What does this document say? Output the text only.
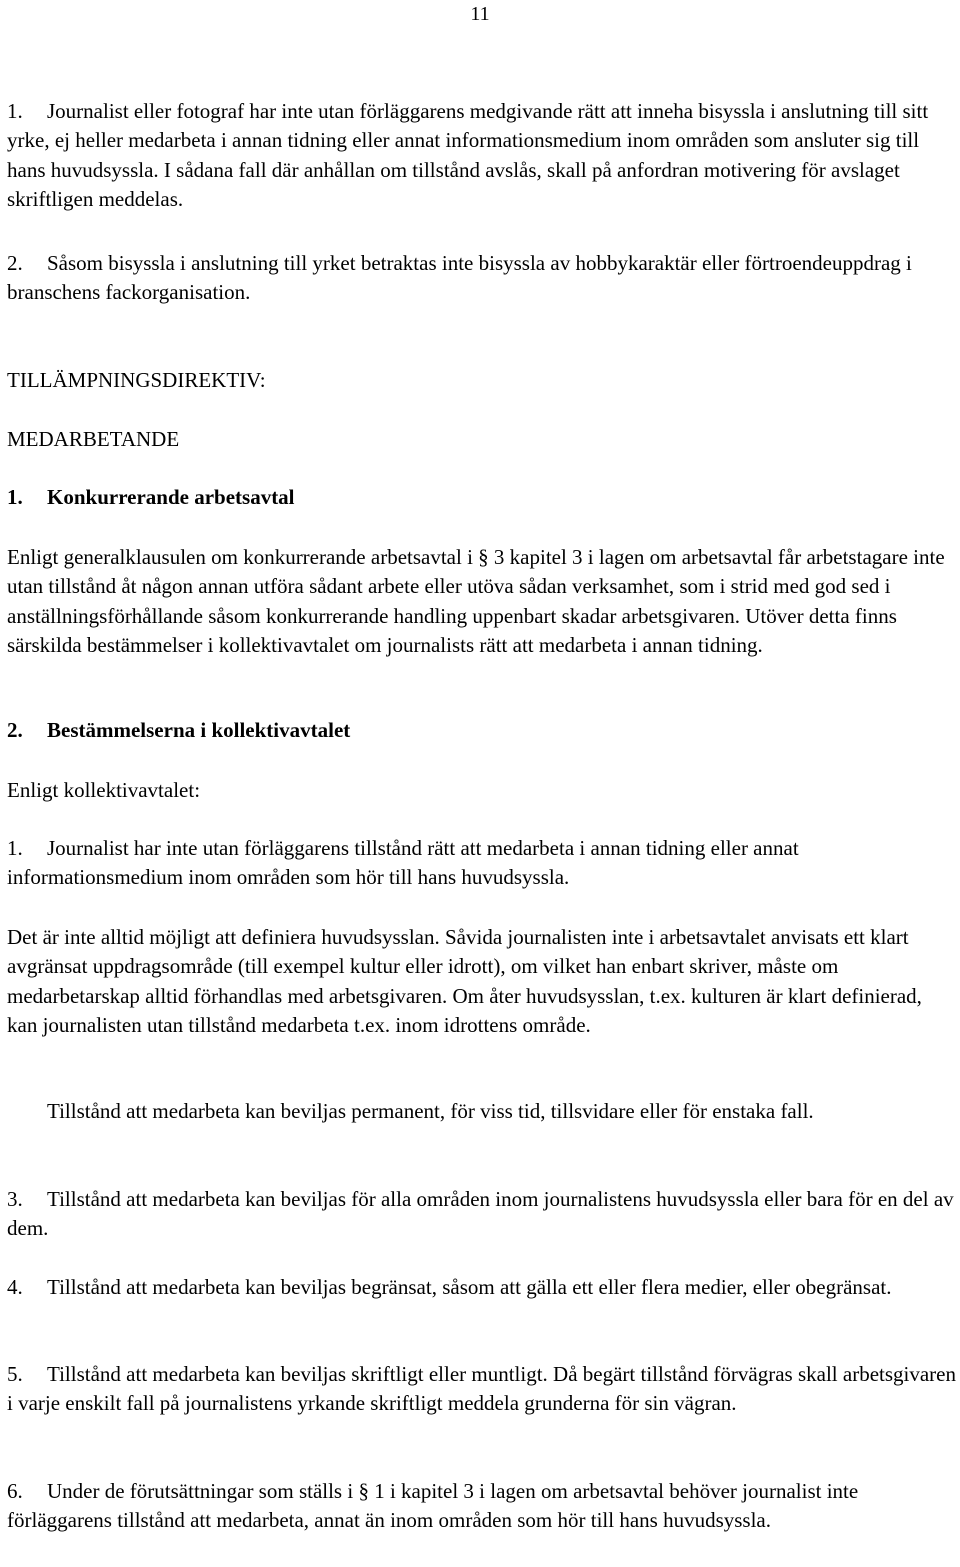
11

1. Journalist eller fotograf har inte utan förläggarens medgivande rätt att inneha bisyssla i anslutning till sitt yrke, ej heller medarbeta i annan tidning eller annat informationsmedium inom områden som ansluter sig till hans huvudsyssla. I sådana fall där anhållan om tillstånd avslås, skall på anfordran motivering för avslaget skriftligen meddelas.

2. Såsom bisyssla i anslutning till yrket betraktas inte bisyssla av hobbykaraktär eller förtroendeuppdrag i branschens fackorganisation.

TILLÄMPNINGSDIREKTIV:

MEDARBETANDE

1. Konkurrerande arbetsavtal

Enligt generalklausulen om konkurrerande arbetsavtal i § 3 kapitel 3 i lagen om arbetsavtal får arbetstagare inte utan tillstånd åt någon annan utföra sådant arbete eller utöva sådan verksamhet, som i strid med god sed i anställningsförhållande såsom konkurrerande handling uppenbart skadar arbetsgivaren. Utöver detta finns särskilda bestämmelser i kollektivavtalet om journalists rätt att medarbeta i annan tidning.

2. Bestämmelserna i kollektivavtalet

Enligt kollektivavtalet:

1. Journalist har inte utan förläggarens tillstånd rätt att medarbeta i annan tidning eller annat informationsmedium inom områden som hör till hans huvudsyssla.

Det är inte alltid möjligt att definiera huvudsysslan. Såvida journalisten inte i arbetsavtalet anvisats ett klart avgränsat uppdragsområde (till exempel kultur eller idrott), om vilket han enbart skriver, måste om medarbetarskap alltid förhandlas med arbetsgivaren. Om åter huvudsysslan, t.ex. kulturen är klart definierad, kan journalisten utan tillstånd medarbeta t.ex. inom idrottens område.

Tillstånd att medarbeta kan beviljas permanent, för viss tid, tillsvidare eller för enstaka fall.

3. Tillstånd att medarbeta kan beviljas för alla områden inom journalistens huvudsyssla eller bara för en del av dem.

4. Tillstånd att medarbeta kan beviljas begränsat, såsom att gälla ett eller flera medier, eller obegränsat.

5. Tillstånd att medarbeta kan beviljas skriftligt eller muntligt. Då begärt tillstånd förvägras skall arbetsgivaren i varje enskilt fall på journalistens yrkande skriftligt meddela grunderna för sin vägran.

6. Under de förutsättningar som ställs i § 1 i kapitel 3 i lagen om arbetsavtal behöver journalist inte förläggarens tillstånd att medarbeta, annat än inom områden som hör till hans huvudsyssla.
